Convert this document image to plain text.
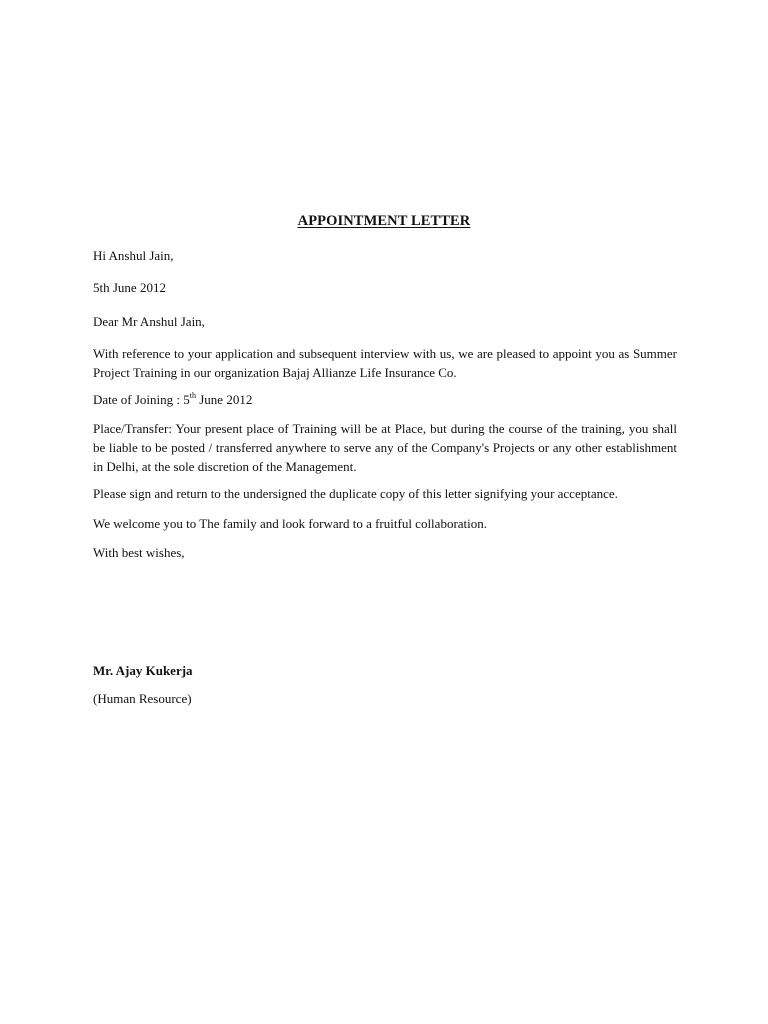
APPOINTMENT LETTER

Hi Anshul Jain,

5th June 2012

Dear Mr Anshul Jain,

With reference to your application and subsequent interview with us, we are pleased to appoint you as Summer Project Training in our organization Bajaj Allianze Life Insurance Co.

Date of Joining : 5th June 2012

Place/Transfer: Your present place of Training will be at Place, but during the course of the training, you shall be liable to be posted / transferred anywhere to serve any of the Company's Projects or any other establishment in Delhi, at the sole discretion of the Management.

Please sign and return to the undersigned the duplicate copy of this letter signifying your acceptance.

We welcome you to The family and look forward to a fruitful collaboration.

With best wishes,

Mr. Ajay Kukerja

(Human Resource)
